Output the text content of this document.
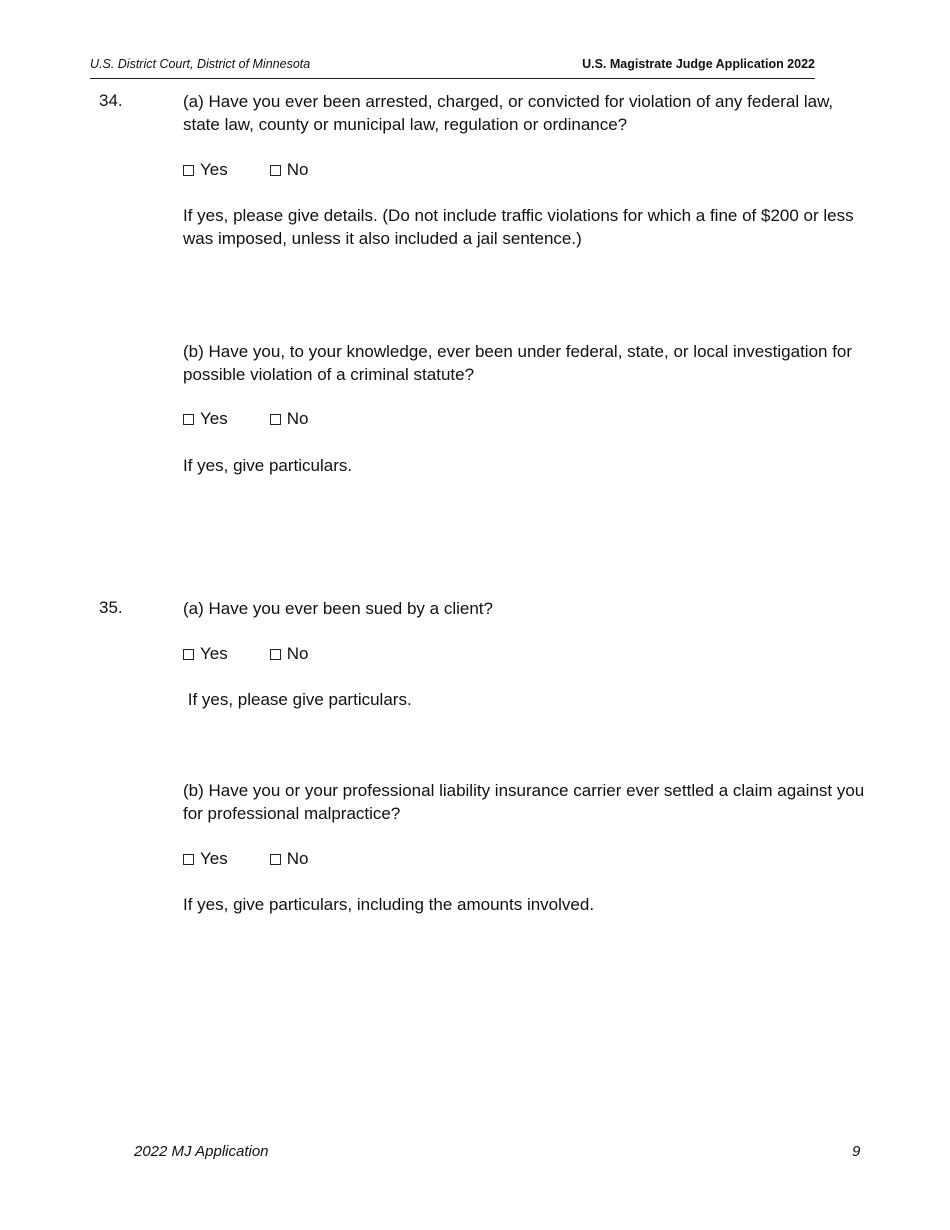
U.S. District Court, District of Minnesota	U.S. Magistrate Judge Application 2022
34.	(a) Have you ever been arrested, charged, or convicted for violation of any federal law, state law, county or municipal law, regulation or ordinance?
Yes	No
If yes, please give details. (Do not include traffic violations for which a fine of $200 or less was imposed, unless it also included a jail sentence.)
(b) Have you, to your knowledge, ever been under federal, state, or local investigation for possible violation of a criminal statute?
Yes	No
If yes, give particulars.
35.	(a) Have you ever been sued by a client?
Yes	No
If yes, please give particulars.
(b) Have you or your professional liability insurance carrier ever settled a claim against you for professional malpractice?
Yes	No
If yes, give particulars, including the amounts involved.
2022 MJ Application	9
